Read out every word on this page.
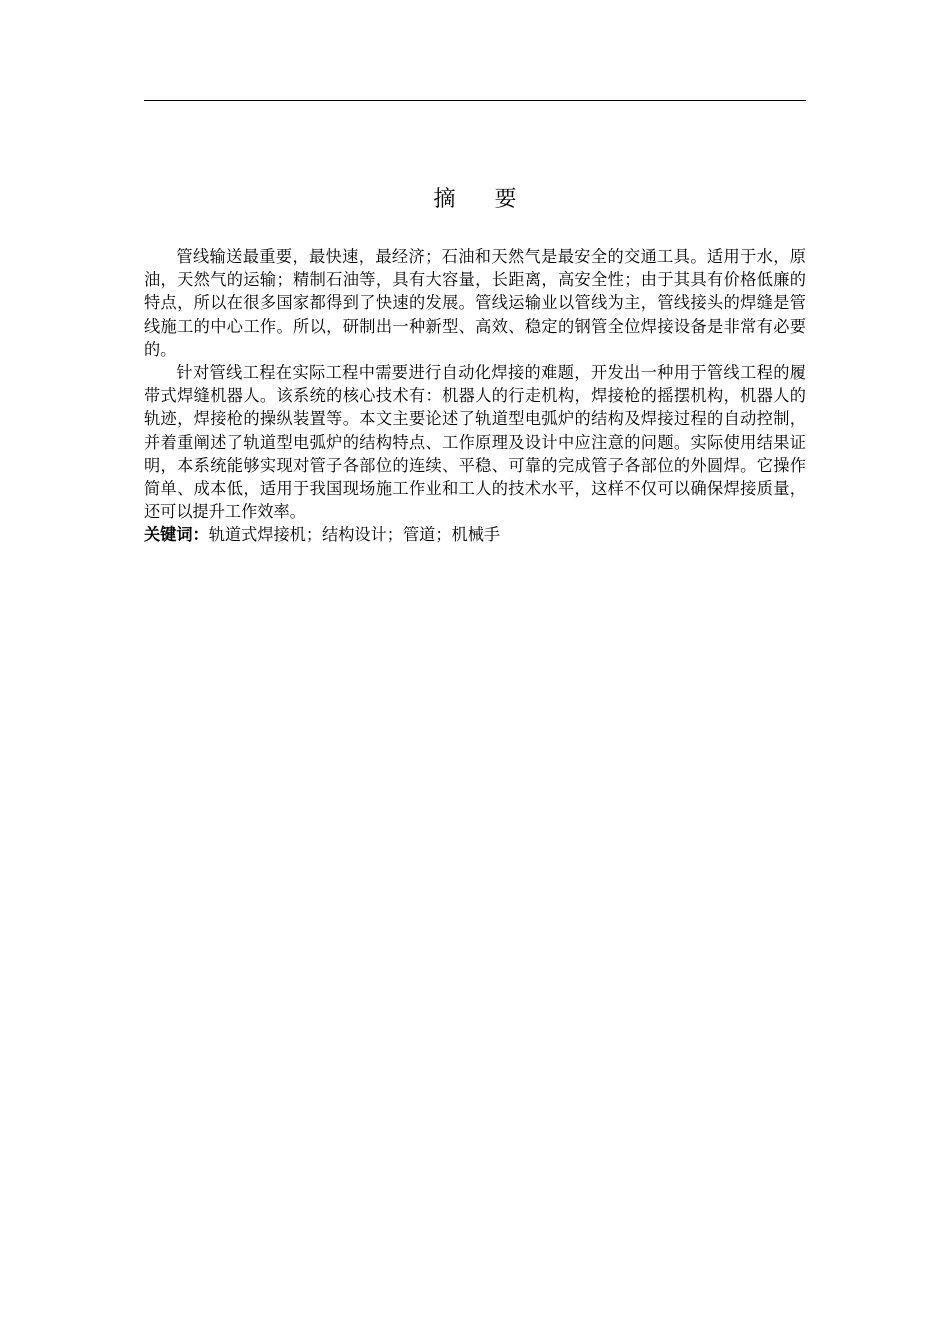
摘 要

管线输送最重要，最快速，最经济；石油和天然气是最安全的交通工具。适用于水，原油，天然气的运输；精制石油等，具有大容量，长距离，高安全性；由于其具有价格低廉的特点，所以在很多国家都得到了快速的发展。管线运输业以管线为主，管线接头的焊缝是管线施工的中心工作。所以，研制出一种新型、高效、稳定的钢管全位焊接设备是非常有必要的。

针对管线工程在实际工程中需要进行自动化焊接的难题，开发出一种用于管线工程的履带式焊缝机器人。该系统的核心技术有：机器人的行走机构，焊接枪的摇摆机构，机器人的轨迹，焊接枪的操纵装置等。本文主要论述了轨道型电弧炉的结构及焊接过程的自动控制，并着重阐述了轨道型电弧炉的结构特点、工作原理及设计中应注意的问题。实际使用结果证明，本系统能够实现对管子各部位的连续、平稳、可靠的完成管子各部位的外圆焊。它操作简单、成本低，适用于我国现场施工作业和工人的技术水平，这样不仅可以确保焊接质量，还可以提升工作效率。

关键词：轨道式焊接机；结构设计；管道；机械手
